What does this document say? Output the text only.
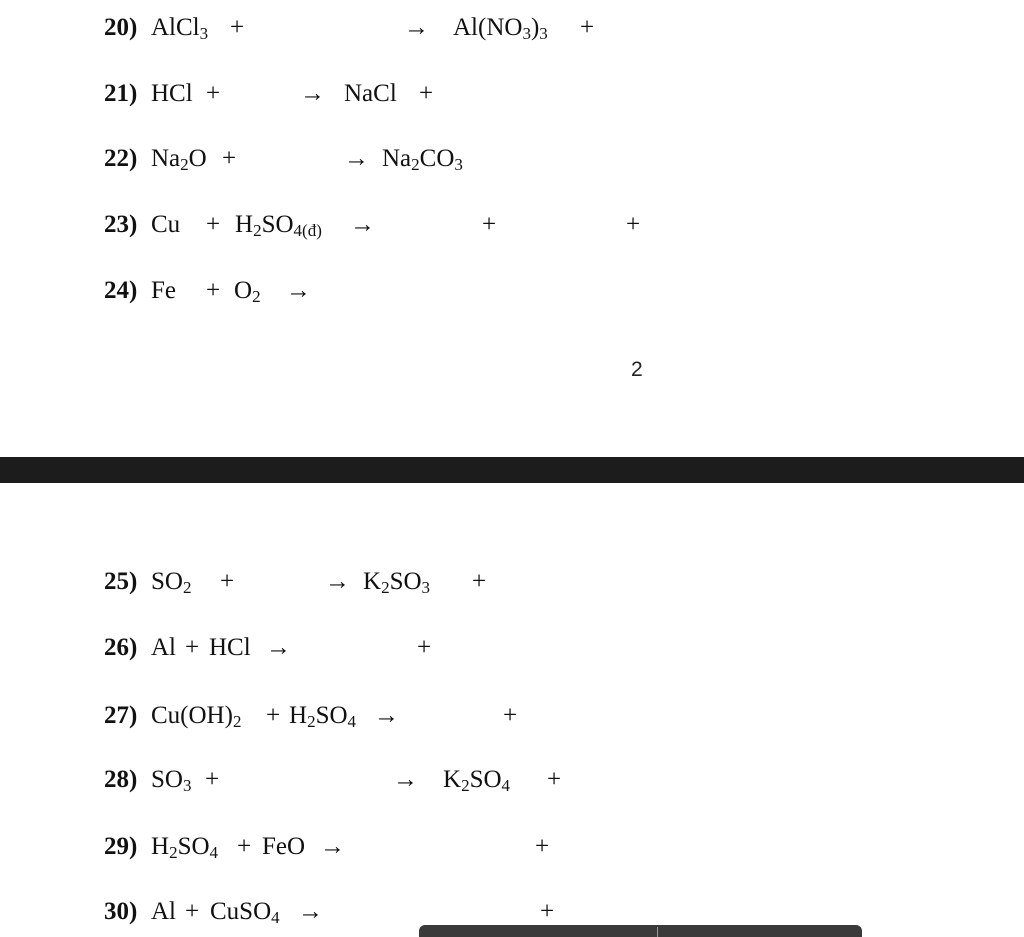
20) AlCl$_3$ +	→ $Al(NO_3)_3$ +
21) HCl +	→ NaCl +
22) $Na_2O$ +	→ $Na_2CO_3$
23) $Cu + H_2SO_{4(đ)}$ →	+	+
24) $Fe + O_2$ →
2
25) $SO_2$ +	→ $K_2SO_3$ +
26) Al + HCl →	+
27) $Cu(OH)_2 + H_2SO_4$ →	+
28) $SO_3$ +	→ $K_2SO_4$ +
29) $H_2SO_4$ + FeO →	+
30) Al + CuSO$_4$ →	+
